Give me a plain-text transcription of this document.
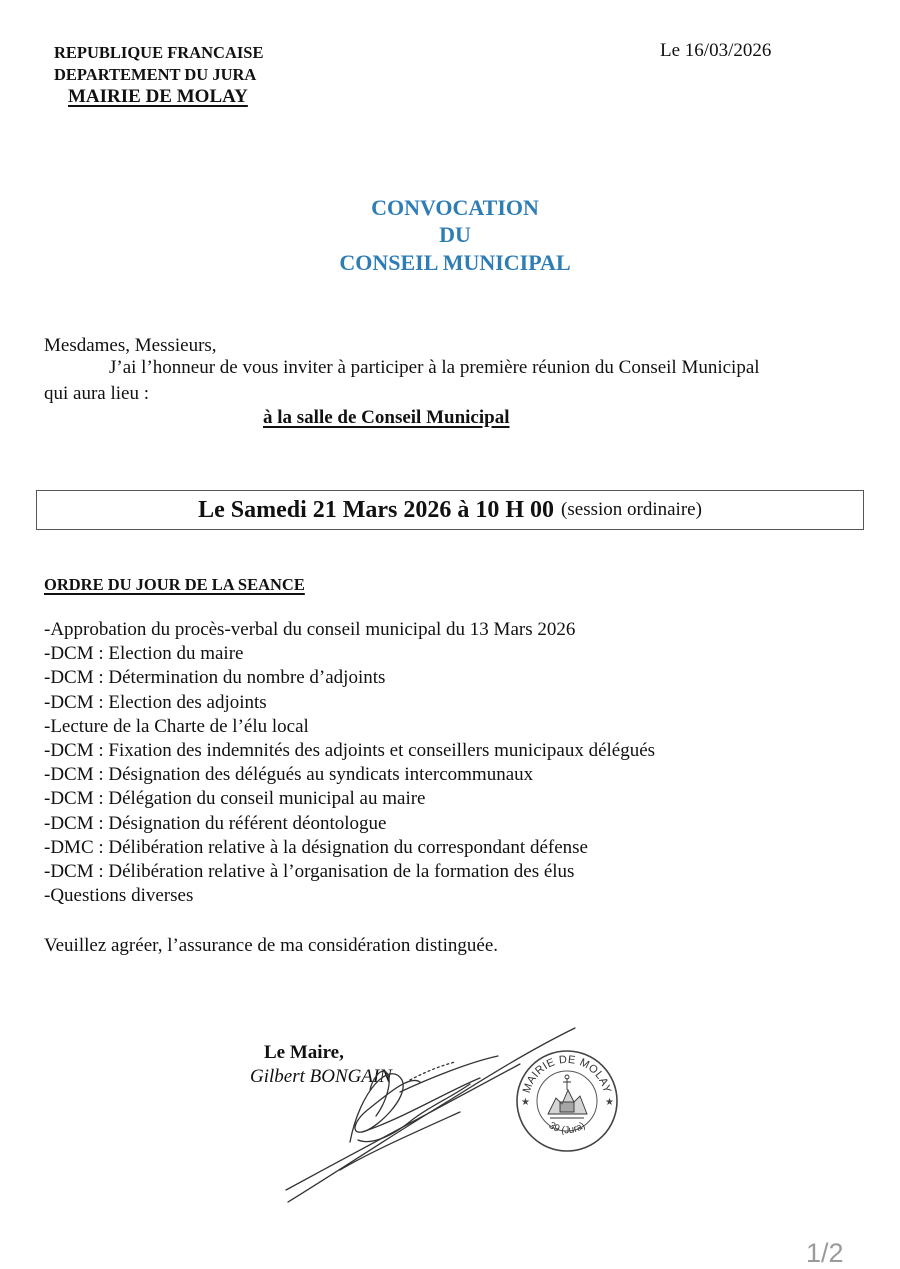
REPUBLIQUE FRANCAISE
DEPARTEMENT DU JURA
MAIRIE DE MOLAY
Le 16/03/2026
CONVOCATION
DU
CONSEIL MUNICIPAL
Mesdames, Messieurs,
J’ai l’honneur de vous inviter à participer à la première réunion du Conseil Municipal
qui aura lieu :
à la salle de Conseil Municipal
Le Samedi 21 Mars 2026 à 10 H 00 (session ordinaire)
ORDRE DU JOUR DE LA SEANCE
-Approbation du procès-verbal du conseil municipal du 13 Mars 2026
-DCM : Election du maire
-DCM : Détermination du nombre d’adjoints
-DCM : Election des adjoints
-Lecture de la Charte de l’élu local
-DCM : Fixation des indemnités des adjoints et conseillers municipaux délégués
-DCM : Désignation des délégués au syndicats intercommunaux
-DCM : Délégation du conseil municipal au maire
-DCM : Désignation du référent déontologue
-DMC : Délibération relative à la désignation du correspondant défense
-DCM : Délibération relative à l’organisation de la formation des élus
-Questions diverses
Veuillez agréer, l’assurance de ma considération distinguée.
Le Maire,
Gilbert BONGAIN
MAIRIE DE MOLAY
39 (Jura)
★	★
1/2
